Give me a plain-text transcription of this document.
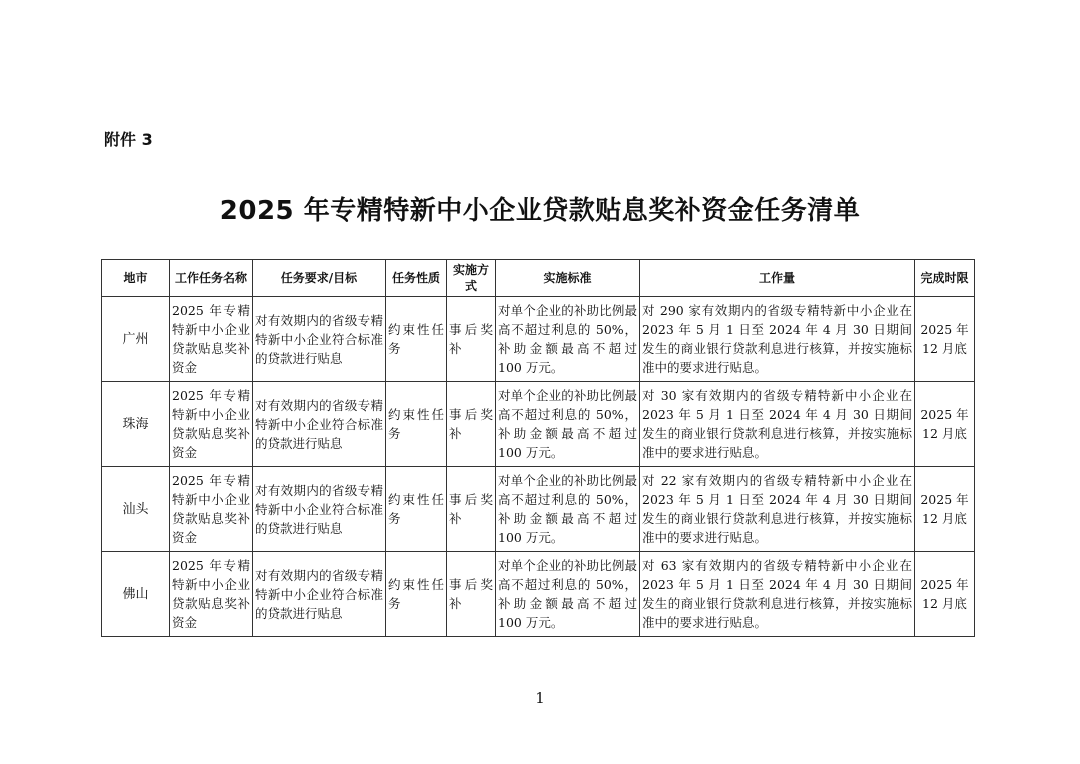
附件 3
2025 年专精特新中小企业贷款贴息奖补资金任务清单
地市	工作任务名称	任务要求/目标	任务性质	实施方式	实施标准	工作量	完成时限
广州	2025 年专精特新中小企业贷款贴息奖补资金	对有效期内的省级专精特新中小企业符合标准的贷款进行贴息	约束性任务	事后奖补	对单个企业的补助比例最高不超过利息的 50%，补助金额最高不超过 100 万元。	对 290 家有效期内的省级专精特新中小企业在 2023 年 5 月 1 日至 2024 年 4 月 30 日期间发生的商业银行贷款利息进行核算，并按实施标准中的要求进行贴息。	2025 年 12 月底
珠海	2025 年专精特新中小企业贷款贴息奖补资金	对有效期内的省级专精特新中小企业符合标准的贷款进行贴息	约束性任务	事后奖补	对单个企业的补助比例最高不超过利息的 50%，补助金额最高不超过 100 万元。	对 30 家有效期内的省级专精特新中小企业在 2023 年 5 月 1 日至 2024 年 4 月 30 日期间发生的商业银行贷款利息进行核算，并按实施标准中的要求进行贴息。	2025 年 12 月底
汕头	2025 年专精特新中小企业贷款贴息奖补资金	对有效期内的省级专精特新中小企业符合标准的贷款进行贴息	约束性任务	事后奖补	对单个企业的补助比例最高不超过利息的 50%，补助金额最高不超过 100 万元。	对 22 家有效期内的省级专精特新中小企业在 2023 年 5 月 1 日至 2024 年 4 月 30 日期间发生的商业银行贷款利息进行核算，并按实施标准中的要求进行贴息。	2025 年 12 月底
佛山	2025 年专精特新中小企业贷款贴息奖补资金	对有效期内的省级专精特新中小企业符合标准的贷款进行贴息	约束性任务	事后奖补	对单个企业的补助比例最高不超过利息的 50%，补助金额最高不超过 100 万元。	对 63 家有效期内的省级专精特新中小企业在 2023 年 5 月 1 日至 2024 年 4 月 30 日期间发生的商业银行贷款利息进行核算，并按实施标准中的要求进行贴息。	2025 年 12 月底
1
